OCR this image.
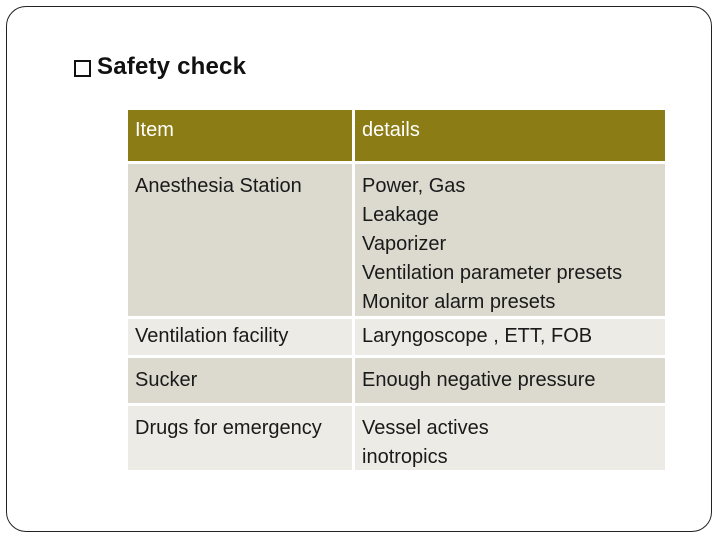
Safety check
Item	details
Anesthesia Station	Power, Gas
Leakage
Vaporizer
Ventilation parameter presets
Monitor alarm presets
Ventilation facility	Laryngoscope , ETT, FOB
Sucker	Enough negative pressure
Drugs for emergency	Vessel actives
inotropics
